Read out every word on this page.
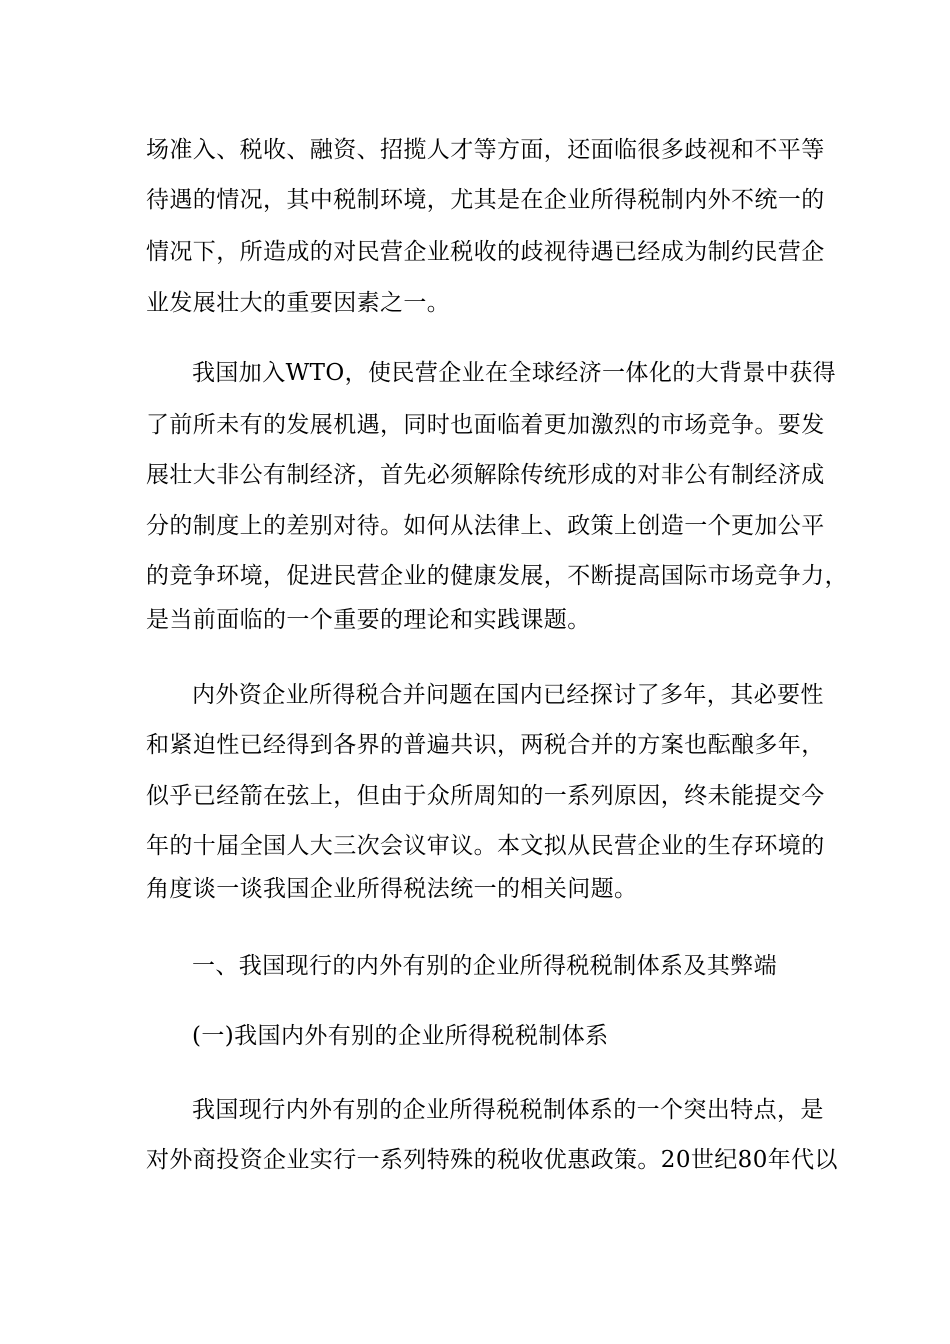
场准入、税收、融资、招揽人才等方面，还面临很多歧视和不平等
待遇的情况，其中税制环境，尤其是在企业所得税制内外不统一的
情况下，所造成的对民营企业税收的歧视待遇已经成为制约民营企
业发展壮大的重要因素之一。
我国加入WTO，使民营企业在全球经济一体化的大背景中获得
了前所未有的发展机遇，同时也面临着更加激烈的市场竞争。要发
展壮大非公有制经济，首先必须解除传统形成的对非公有制经济成
分的制度上的差别对待。如何从法律上、政策上创造一个更加公平
的竞争环境，促进民营企业的健康发展，不断提高国际市场竞争力，
是当前面临的一个重要的理论和实践课题。
内外资企业所得税合并问题在国内已经探讨了多年，其必要性
和紧迫性已经得到各界的普遍共识，两税合并的方案也酝酿多年，
似乎已经箭在弦上，但由于众所周知的一系列原因，终未能提交今
年的十届全国人大三次会议审议。本文拟从民营企业的生存环境的
角度谈一谈我国企业所得税法统一的相关问题。
一、我国现行的内外有别的企业所得税税制体系及其弊端
(一)我国内外有别的企业所得税税制体系
我国现行内外有别的企业所得税税制体系的一个突出特点，是
对外商投资企业实行一系列特殊的税收优惠政策。20世纪80年代以
